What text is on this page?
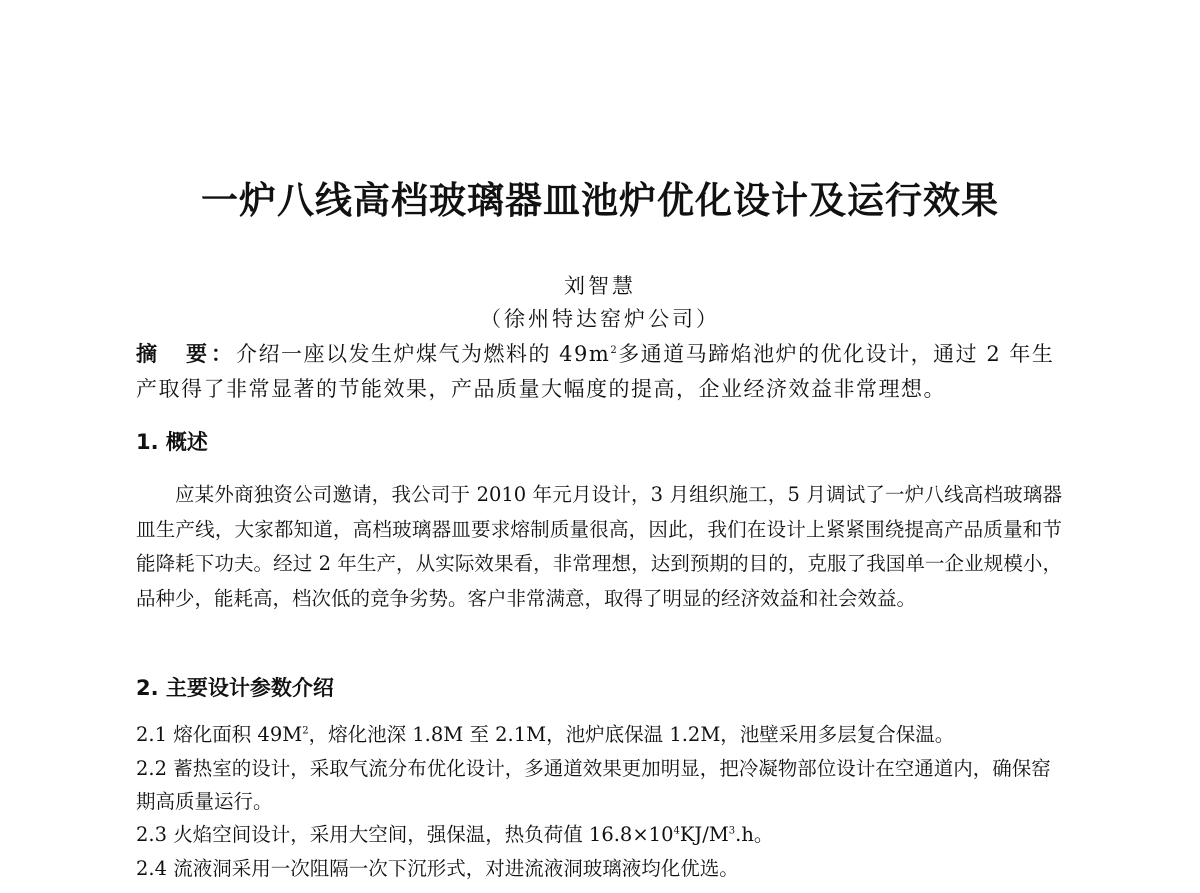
一炉八线高档玻璃器皿池炉优化设计及运行效果
刘智慧
（徐州特达窑炉公司）

摘　要：介绍一座以发生炉煤气为燃料的 $49m^2$多通道马蹄焰池炉的优化设计，通过 2 年生产取得了非常显著的节能效果，产品质量大幅度的提高，企业经济效益非常理想。

1. 概述

应某外商独资公司邀请，我公司于 2010 年元月设计，3 月组织施工，5 月调试了一炉八线高档玻璃器皿生产线，大家都知道，高档玻璃器皿要求熔制质量很高，因此，我们在设计上紧紧围绕提高产品质量和节能降耗下功夫。经过 2 年生产，从实际效果看，非常理想，达到预期的目的，克服了我国单一企业规模小，品种少，能耗高，档次低的竞争劣势。客户非常满意，取得了明显的经济效益和社会效益。

2. 主要设计参数介绍

2.1 熔化面积 $49M^2$，熔化池深 1.8M 至 2.1M，池炉底保温 1.2M，池壁采用多层复合保温。

2.2 蓄热室的设计，采取气流分布优化设计，多通道效果更加明显，把冷凝物部位设计在空通道内，确保窑期高质量运行。

2.3 火焰空间设计，采用大空间，强保温，热负荷值 $16.8\times 10^4KJ/M^3.h$。

2.4 流液洞采用一次阻隔一次下沉形式，对进流液洞玻璃液均化优选。
